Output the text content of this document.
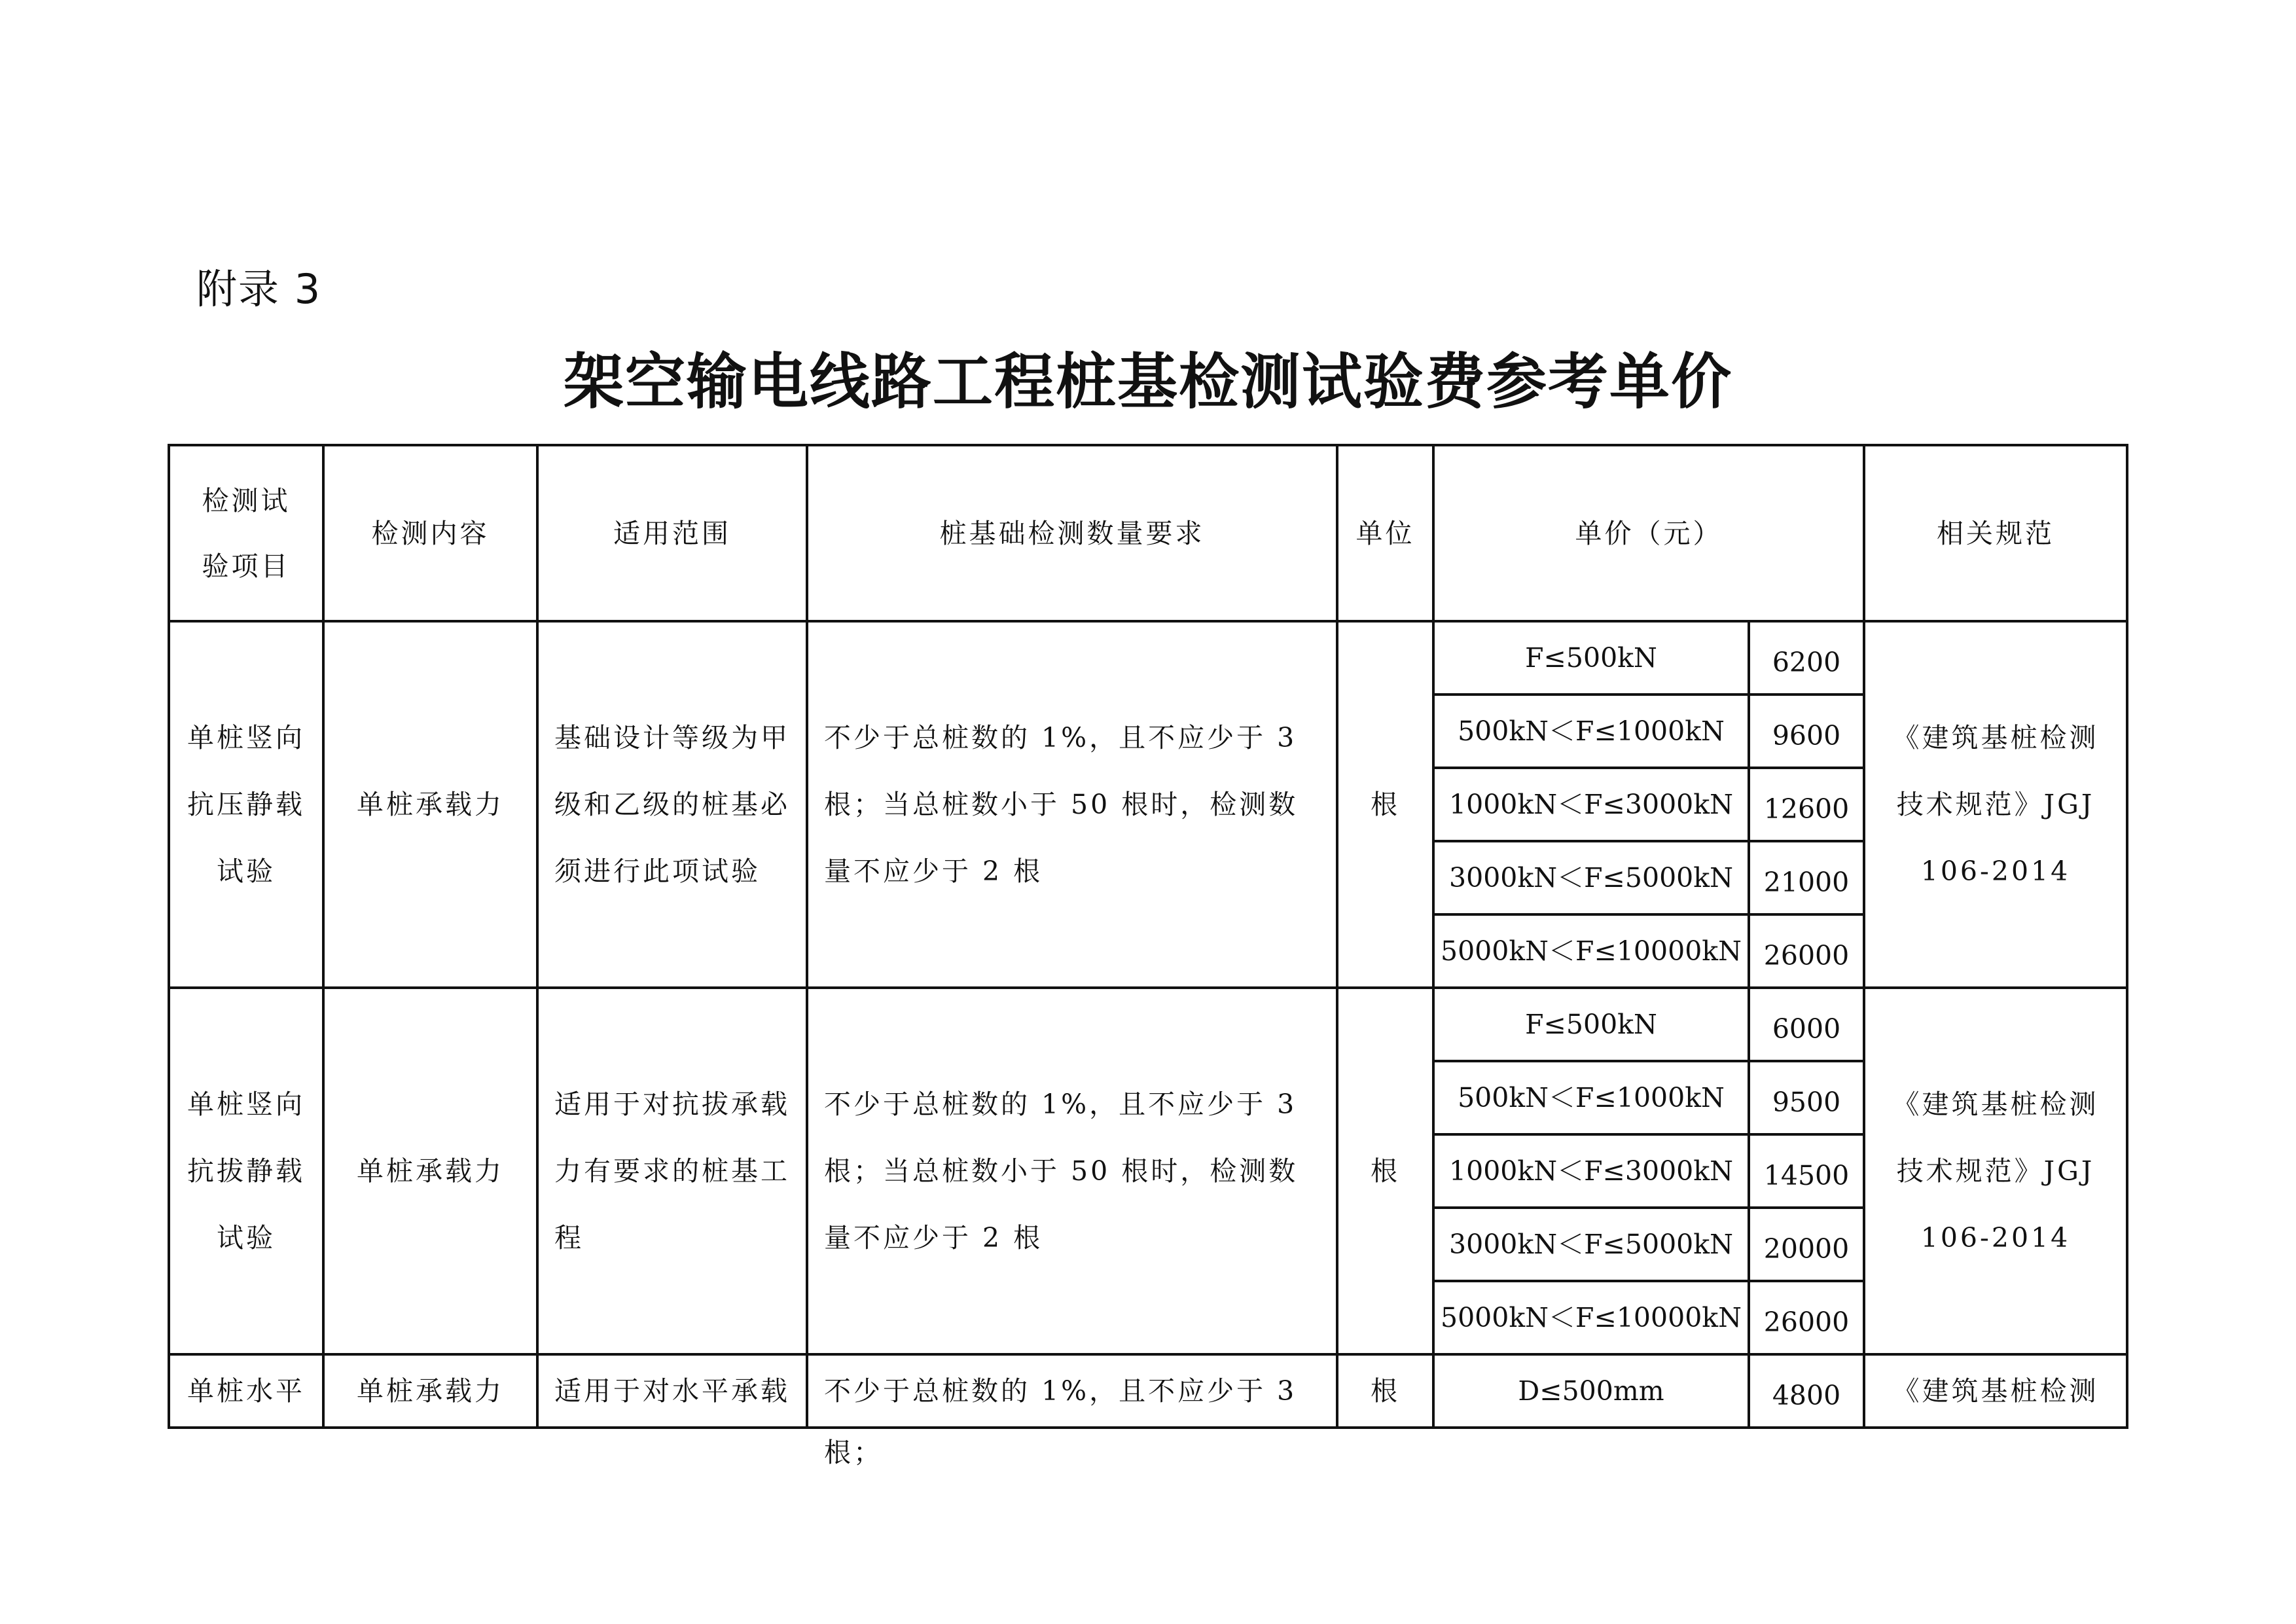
附录 3
架空输电线路工程桩基检测试验费参考单价
检测试验项目	检测内容	适用范围	桩基础检测数量要求	单位	单价（元）		相关规范

单桩竖向抗压静载试验	单桩承载力	基础设计等级为甲级和乙级的桩基必须进行此项试验	不少于总桩数的 1%，且不应少于 3 根；当总桩数小于 50 根时，检测数量不应少于 2 根	根	F≤500kN	6200	《建筑基桩检测技术规范》JGJ 106-2014

					500kN＜F≤1000kN	9600	
					1000kN＜F≤3000kN	12600	
					3000kN＜F≤5000kN	21000	
					5000kN＜F≤10000kN	26000	

单桩竖向抗拔静载试验	单桩承载力	适用于对抗拔承载力有要求的桩基工程	不少于总桩数的 1%，且不应少于 3 根；当总桩数小于 50 根时，检测数量不应少于 2 根	根	F≤500kN	6000	《建筑基桩检测技术规范》JGJ 106-2014

					500kN＜F≤1000kN	9500	
					1000kN＜F≤3000kN	14500	
					3000kN＜F≤5000kN	20000	
					5000kN＜F≤10000kN	26000	

单桩水平	单桩承载力	适用于对水平承载	不少于总桩数的 1%，且不应少于 3 根；	根	D≤500mm	4800	《建筑基桩检测
